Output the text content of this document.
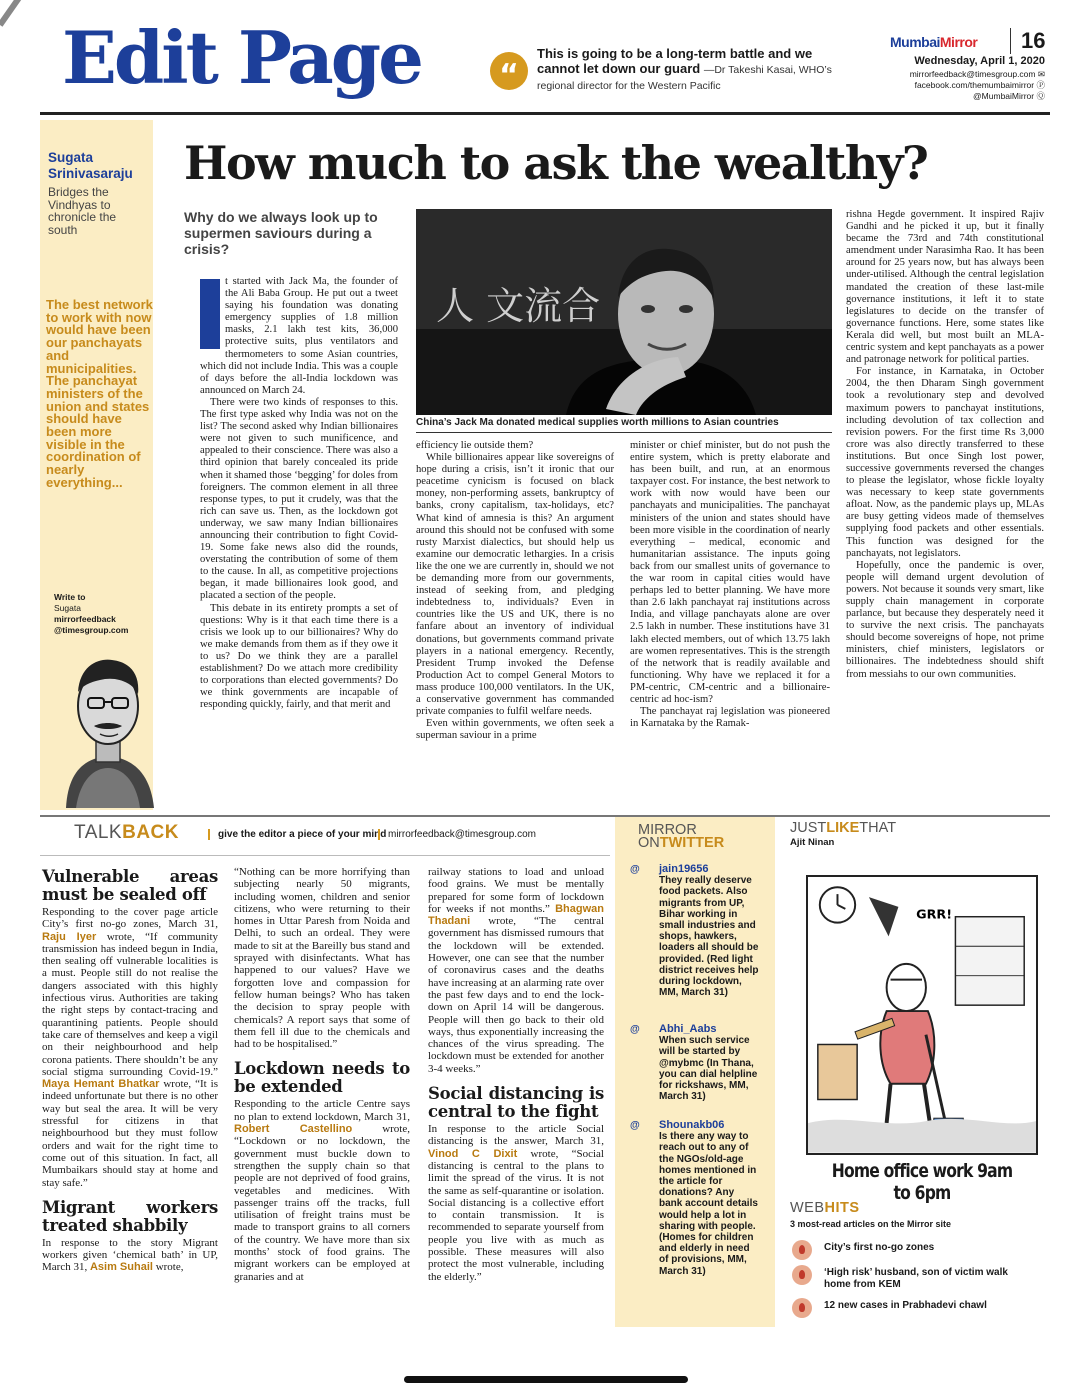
Edit Page	“
This is going to be a long-term battle and we cannot let down our guard —Dr Takeshi Kasai, WHO’s regional director for the Western Pacific
MumbaiMirror	16
Wednesday, April 1, 2020
mirrorfeedback@timesgroup.com ✉
facebook.com/themumbaimirror Ⓟ
@MumbaiMirror Ⓠ
Sugata Srinivasaraju
Bridges the Vindhyas to chronicle the south
The best network to work with now would have been our panchayats and municipalities. The panchayat ministers of the union and states should have been more visible in the coordination of nearly everything...
Write to
Sugata
mirrorfeedback @timesgroup.com
How much to ask the wealthy?
Why do we always look up to supermen saviours during a crisis?

t started with Jack Ma, the founder of the Ali Baba Group. He put out a tweet saying his foundation was donating emergency supplies of 1.8 million masks, 2.1 lakh test kits, 36,000 protective suits, plus ventilators and thermometers to some Asian countries, which did not include India. This was a couple of days before the all-India lockdown was announced on March 24.

There were two kinds of responses to this. The first type asked why India was not on the list? The second asked why Indian billionaires were not given to such munificence, and appealed to their conscience. There was also a third opinion that barely concealed its pride when it shamed those ‘begging’ for doles from foreigners. The common element in all three response types, to put it crudely, was that the rich can save us. Then, as the lockdown got underway, we saw many Indian billionaires announcing their contribution to fight Covid-19. Some fake news also did the rounds, overstating the contribution of some of them to the cause. In all, as competitive projections began, it made billionaires look good, and placated a section of the people.

This debate in its entirety prompts a set of questions: Why is it that each time there is a crisis we look up to our billionaires? Why do we make demands from them as if they owe it to us? Do we think they are a parallel establishment? Do we attach more credibility to corporations than elected governments? Do we think governments are incapable of responding quickly, fairly, and that merit and

人 文流合
China’s Jack Ma donated medical supplies worth millions to Asian countries

efficiency lie outside them?

While billionaires appear like sovereigns of hope during a crisis, isn’t it ironic that our peacetime cynicism is focused on black money, non-performing assets, bankruptcy of banks, crony capitalism, tax-holidays, etc? What kind of amnesia is this? An argument around this should not be confused with some rusty Marxist dialectics, but should help us examine our democratic lethargies. In a crisis like the one we are currently in, should we not be demanding more from our governments, instead of seeking from, and pledging indebtedness to, individuals? Even in countries like the US and UK, there is no fanfare about an inventory of individual donations, but governments command private players in a national emergency. Recently, President Trump invoked the Defense Production Act to compel General Motors to mass produce 100,000 ventilators. In the UK, a conservative government has commanded private companies to fulfil welfare needs.

Even within governments, we often seek a superman saviour in a prime

minister or chief minister, but do not push the entire system, which is pretty elaborate and has been built, and run, at an enormous taxpayer cost. For instance, the best network to work with now would have been our panchayats and municipalities. The panchayat ministers of the union and states should have been more visible in the coordination of nearly everything – medical, economic and humanitarian assistance. The inputs going back from our smallest units of governance to the war room in capital cities would have perhaps led to better planning. We have more than 2.6 lakh panchayat raj institutions across India, and village panchayats alone are over 2.5 lakh in number. These institutions have 31 lakh elected members, out of which 13.75 lakh are women representatives. This is the strength of the network that is readily available and functioning. Why have we replaced it for a PM-centric, CM-centric and a billionaire-centric ad hoc-ism?

The panchayat raj legislation was pioneered in Karnataka by the Ramak-

rishna Hegde government. It inspired Rajiv Gandhi and he picked it up, but it finally became the 73rd and 74th constitutional amendment under Narasimha Rao. It has been around for 25 years now, but has always been under-utilised. Although the central legislation mandated the creation of these last-mile governance institutions, it left it to state legislatures to decide on the transfer of governance functions. Here, some states like Kerala did well, but most built an MLA-centric system and kept panchayats as a power and patronage network for political parties.

For instance, in Karnataka, in October 2004, the then Dharam Singh government took a revolutionary step and devolved maximum powers to panchayat institutions, including devolution of tax collection and revision powers. For the first time Rs 3,000 crore was also directly transferred to these institutions. But once Singh lost power, successive governments reversed the changes to please the legislator, whose fickle loyalty was necessary to keep state governments afloat. Now, as the pandemic plays up, MLAs are busy getting videos made of themselves supplying food packets and other essentials. This function was designed for the panchayats, not legislators.

Hopefully, once the pandemic is over, people will demand urgent devolution of powers. Not because it sounds very smart, like supply chain management in corporate parlance, but because they desperately need it to survive the next crisis. The panchayats should become sovereigns of hope, not prime ministers, chief ministers, legislators or billionaires. The indebtedness should shift from messiahs to our own communities.

TALKBACK	give the editor a piece of your mind mirrorfeedback@timesgroup.com
Vulnerable areas must be sealed off
Responding to the cover page article City’s first no-go zones, March 31, Raju Iyer wrote, “If community transmission has indeed begun in India, then sealing off vulnerable localities is a must. People still do not realise the dangers associated with this highly infectious virus. Authorities are taking the right steps by contact-tracing and quarantining patients. People should take care of themselves and keep a vigil on their neighbourhood and help corona patients. There shouldn’t be any social stigma surrounding Covid-19.” Maya Hemant Bhatkar wrote, “It is indeed unfortunate but there is no other way but seal the area. It will be very stressful for citizens in that neighbourhood but they must follow orders and wait for the right time to come out of this situation. In fact, all Mumbaikars should stay at home and stay safe.”
Migrant workers treated shabbily
In response to the story Migrant workers given ‘chemical bath’ in UP, March 31, Asim Suhail wrote,
“Nothing can be more horrifying than subjecting nearly 50 migrants, including women, children and senior citizens, who were returning to their homes in Uttar Paresh from Noida and Delhi, to such an ordeal. They were made to sit at the Bareilly bus stand and sprayed with disinfectants. What has happened to our values? Have we forgotten love and compassion for fellow human beings? Who has taken the decision to spray people with chemicals? A report says that some of them fell ill due to the chemicals and had to be hospitalised.”
Lockdown needs to be extended
Responding to the article Centre says no plan to extend lockdown, March 31, Robert Castellino	wrote, “Lockdown or no lockdown, the government must buckle down to strengthen the supply chain so that people are not deprived of food grains, vegetables and medicines. With passenger trains off the tracks, full utilisation of freight trains must be made to transport grains to all corners of the country. We have more than six months’ stock of food grains. The migrant workers can be employed at granaries and at
railway stations to load and unload food grains. We must be mentally prepared for some form of lockdown for weeks if not months.” Bhagwan Thadani wrote, “The central government has dismissed rumours that the lockdown will be extended. However, one can see that the number of coronavirus cases and the deaths have increasing at an alarming rate over the past few days and to end the lock-down on April 14 will be dangerous. People will then go back to their old ways, thus exponentially increasing the chances of the virus spreading. The lockdown must be extended for another 3-4 weeks.”
Social distancing is central to the fight
In response to the article Social distancing is the answer, March 31, Vinod C Dixit wrote, “Social distancing is central to the plans to limit the spread of the virus. It is not the same as self-quarantine or isolation. Social distancing is a collective effort to contain transmission. It is recommended to separate yourself from people you live with as much as possible. These measures will also protect the most vulnerable, including the elderly.”
MIRROR
ONTWITTER
@	jain19656
They really deserve food packets. Also migrants from UP, Bihar working in small industries and shops, hawkers, loaders all should be provided. (Red light district receives help during lockdown, MM, March 31)
@	Abhi_Aabs
When such service will be started by @mybmc (In Thana, you can dial helpline for rickshaws, MM, March 31)
@	Shounakb06
Is there any way to reach out to any of the NGOs/old-age homes mentioned in the article for donations? Any bank account details would help a lot in sharing with people. (Homes for children and elderly in need of provisions, MM, March 31)
JUSTLIKETHAT
Ajit Ninan
GRR!
Home office work 9am to 6pm
WEBHITS
3 most-read articles on the Mirror site
City’s first no-go zones
‘High risk’ husband, son of victim walk home from KEM
12 new cases in Prabhadevi chawl
